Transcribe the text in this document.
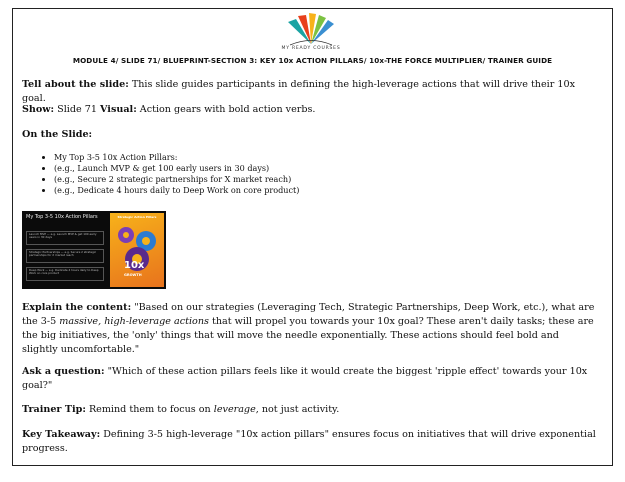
MY READY COURSES
MODULE 4/ SLIDE 71/ BLUEPRINT-SECTION 3: KEY 10x ACTION PILLARS/ 10x-THE FORCE MULTIPLIER/ TRAINER GUIDE
Tell about the slide: This slide guides participants in defining the high-leverage actions that will drive their 10x goal.
Show: Slide 71 Visual: Action gears with bold action verbs.
On the Slide:
• My Top 3-5 10x Action Pillars:
• (e.g., Launch MVP & get 100 early users in 30 days)
• (e.g., Secure 2 strategic partnerships for X market reach)
• (e.g., Dedicate 4 hours daily to Deep Work on core product)
My Top 3-5 10x Action Pillars
Launch MVP — e.g. Launch MVP & get 100 early users in 30 days
Strategic Partnerships — e.g. Secure 2 strategic partnerships for X market reach
Deep Work — e.g. Dedicate 4 hours daily to Deep Work on core product
Strategic Action Pillars
10x
GROWTH
Explain the content: "Based on our strategies (Leveraging Tech, Strategic Partnerships, Deep Work, etc.), what are the 3-5 massive, high-leverage actions that will propel you towards your 10x goal? These aren't daily tasks; these are the big initiatives, the 'only' things that will move the needle exponentially. These actions should feel bold and slightly uncomfortable."
Ask a question: "Which of these action pillars feels like it would create the biggest 'ripple effect' towards your 10x goal?"
Trainer Tip: Remind them to focus on leverage, not just activity.
Key Takeaway: Defining 3-5 high-leverage "10x action pillars" ensures focus on initiatives that will drive exponential progress.
